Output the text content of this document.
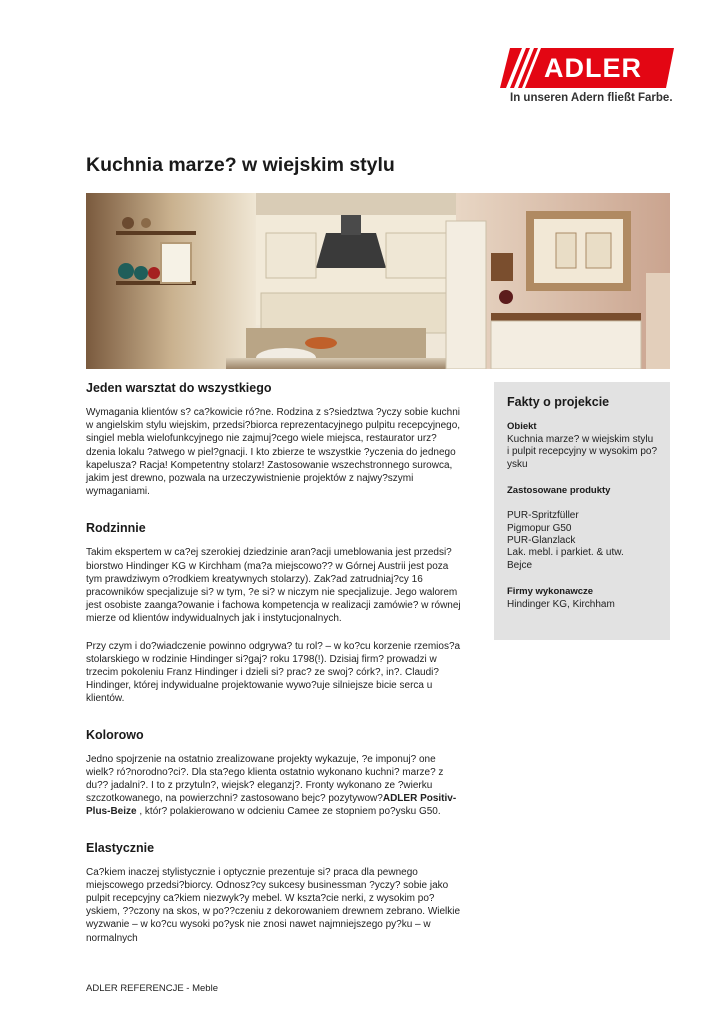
ADLER
In unseren Adern fließt Farbe.
Kuchnia marze? w wiejskim stylu
Jeden warsztat do wszystkiego

Wymagania klientów s? ca?kowicie ró?ne. Rodzina z s?siedztwa ?yczy sobie kuchni w angielskim stylu wiejskim, przedsi?biorca reprezentacyjnego pulpitu recepcyjnego, singiel mebla wielofunkcyjnego nie zajmuj?cego wiele miejsca, restaurator urz?dzenia lokalu ?atwego w piel?gnacji. I kto zbierze te wszystkie ?yczenia do jednego kapelusza? Racja! Kompetentny stolarz! Zastosowanie wszechstronnego surowca, jakim jest drewno, pozwala na urzeczywistnienie projektów z najwy?szymi wymaganiami.

Rodzinnie

Takim ekspertem w ca?ej szerokiej dziedzinie aran?acji umeblowania jest przedsi?biorstwo Hindinger KG w Kirchham (ma?a miejscowo?? w Górnej Austrii jest poza tym prawdziwym o?rodkiem kreatywnych stolarzy). Zak?ad zatrudniaj?cy 16 pracowników specjalizuje si? w tym, ?e si? w niczym nie specjalizuje. Jego walorem jest osobiste zaanga?owanie i fachowa kompetencja w realizacji zamówie? w równej mierze od klientów indywidualnych jak i instytucjonalnych.

Przy czym i do?wiadczenie powinno odgrywa? tu rol? – w ko?cu korzenie rzemios?a stolarskiego w rodzinie Hindinger si?gaj? roku 1798(!). Dzisiaj firm? prowadzi w trzecim pokoleniu Franz Hindinger i dzieli si? prac? ze swoj? córk?, in?. Claudi? Hindinger, której indywidualne projektowanie wywo?uje silniejsze bicie serca u klientów.

Kolorowo

Jedno spojrzenie na ostatnio zrealizowane projekty wykazuje, ?e imponuj? one wielk? ró?norodno?ci?. Dla sta?ego klienta ostatnio wykonano kuchni? marze? z du?? jadalni?. I to z przytuln?, wiejsk? eleganzj?. Fronty wykonano ze ?wierku szczotkowanego, na powierzchni? zastosowano bejc? pozytywow?ADLER Positiv-Plus-Beize , któr? polakierowano w odcieniu Camee ze stopniem po?ysku G50.

Elastycznie

Ca?kiem inaczej stylistycznie i optycznie prezentuje si? praca dla pewnego miejscowego przedsi?biorcy. Odnosz?cy sukcesy businessman ?yczy? sobie jako pulpit recepcyjny ca?kiem niezwyk?y mebel. W kszta?cie nerki, z wysokim po?yskiem, ??czony na skos, w po??czeniu z dekorowaniem drewnem zebrano. Wielkie wyzwanie – w ko?cu wysoki po?ysk nie znosi nawet najmniejszego py?ku – w normalnych

Fakty o projekcie
Obiekt
Kuchnia marze? w wiejskim stylu i pulpit recepcyjny w wysokim po?ysku
Zastosowane produkty
PUR-Spritzfüller
Pigmopur G50
PUR-Glanzlack
Lak. mebl. i parkiet. & utw.
Bejce
Firmy wykonawcze
Hindinger KG, Kirchham
ADLER REFERENCJE - Meble
